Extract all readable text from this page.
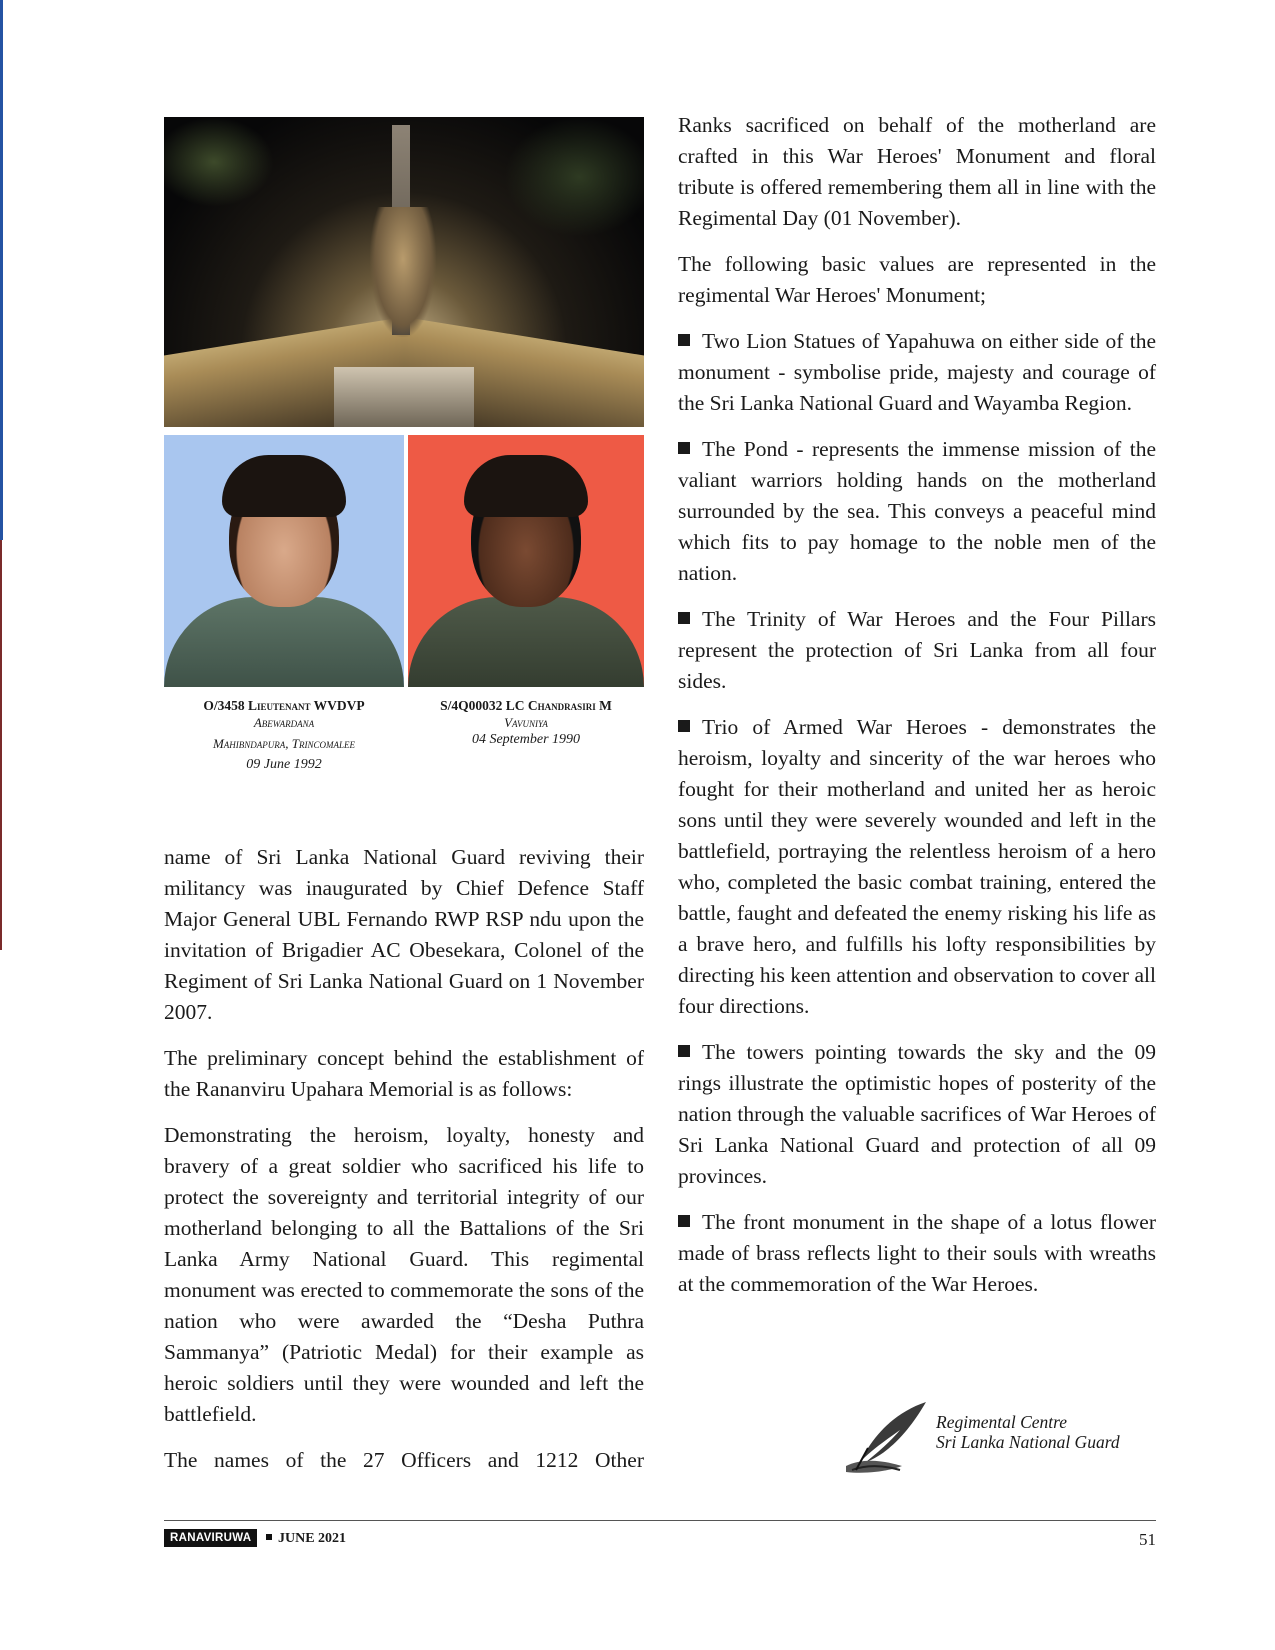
O/3458 Lieutenant WVDVP
Abewardana
Mahibndapura, Trincomalee
09 June 1992
S/4Q00032 LC Chandrasiri M
Vavuniya
04 September 1990

name of Sri Lanka National Guard reviving their militancy was inaugurated by Chief Defence Staff Major General UBL Fernando RWP RSP ndu upon the invitation of Brigadier AC Obesekara, Colonel of the Regiment of Sri Lanka National Guard on 1 November 2007.

The preliminary concept behind the establishment of the Rananviru Upahara Memorial is as follows:

Demonstrating the heroism, loyalty, honesty and bravery of a great soldier who sacrificed his life to protect the sovereignty and territorial integrity of our motherland belonging to all the Battalions of the Sri Lanka Army National Guard. This regimental monument was erected to commemorate the sons of the nation who were awarded the “Desha Puthra Sammanya” (Patriotic Medal) for their example as heroic soldiers until they were wounded and left the battlefield.

The names of the 27 Officers and 1212 Other

Ranks sacrificed on behalf of the motherland are crafted in this War Heroes' Monument and floral tribute is offered remembering them all in line with the Regimental Day (01 November).

The following basic values are represented in the regimental War Heroes' Monument;

Two Lion Statues of Yapahuwa on either side of the monument - symbolise pride, majesty and courage of the Sri Lanka National Guard and Wayamba Region.

The Pond - represents the immense mission of the valiant warriors holding hands on the motherland surrounded by the sea. This conveys a peaceful mind which fits to pay homage to the noble men of the nation.

The Trinity of War Heroes and the Four Pillars represent the protection of Sri Lanka from all four sides.

Trio of Armed War Heroes - demonstrates the heroism, loyalty and sincerity of the war heroes who fought for their motherland and united her as heroic sons until they were severely wounded and left in the battlefield, portraying the relentless heroism of a hero who, completed the basic combat training, entered the battle, faught and defeated the enemy risking his life as a brave hero, and fulfills his lofty responsibilities by directing his keen attention and observation to cover all four directions.

The towers pointing towards the sky and the 09 rings illustrate the optimistic hopes of posterity of the nation through the valuable sacrifices of War Heroes of Sri Lanka National Guard and protection of all 09 provinces.

The front monument in the shape of a lotus flower made of brass reflects light to their souls with wreaths at the commemoration of the War Heroes.

Regimental Centre
Sri Lanka National Guard
RANAVIRUWA	JUNE 2021	51
